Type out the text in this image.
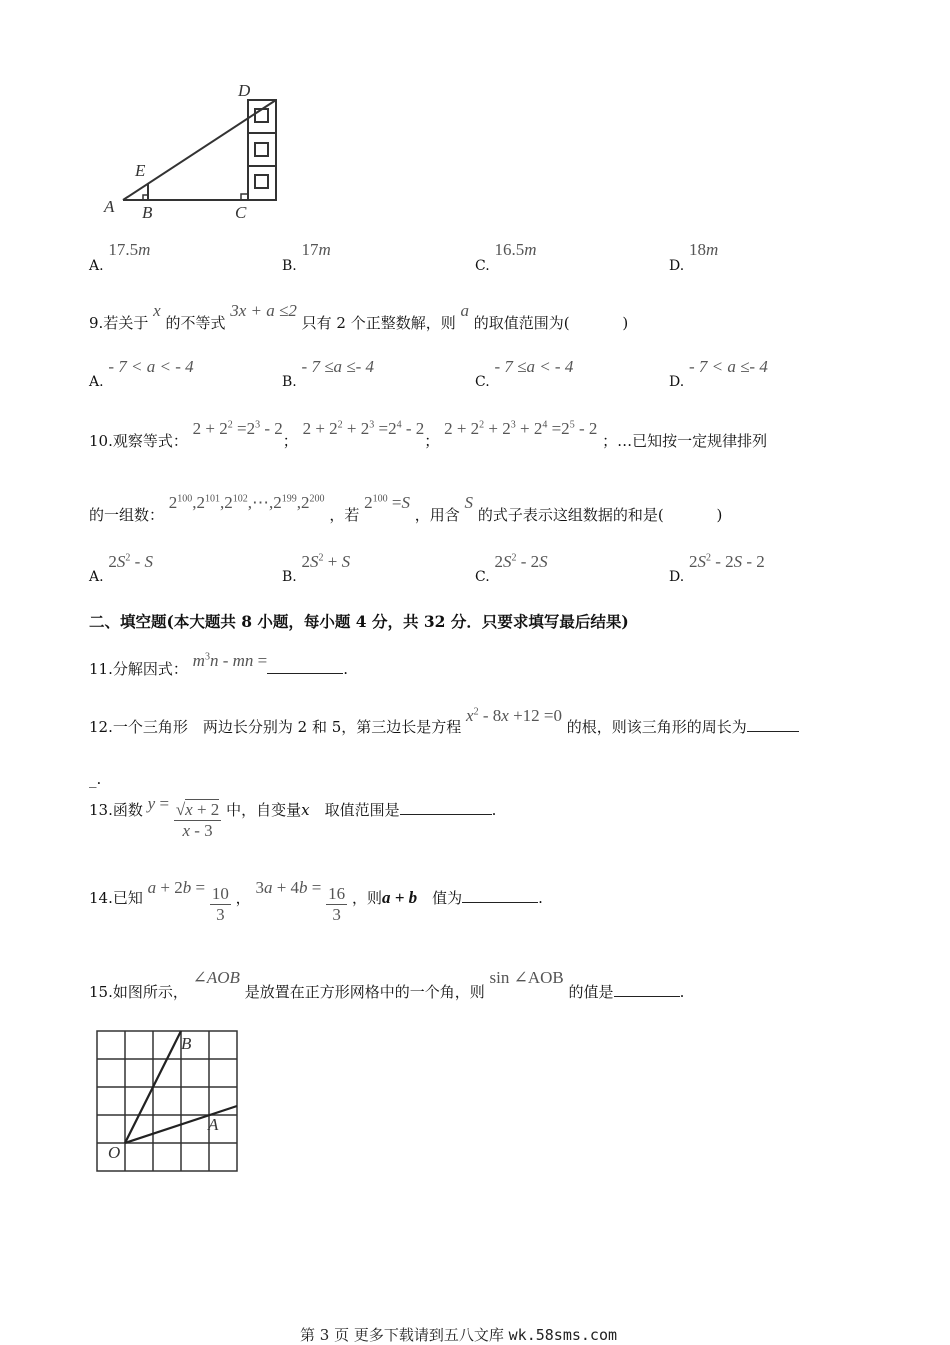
A B	C
D
E
A. 17.5m
B. 17m
C. 16.5m
D. 18m
9.若关于 x 的不等式 3x + a ≤2 只有 2 个正整数解，则 a 的取值范围为(	)
A. - 7 < a < - 4
B. - 7 ≤a ≤- 4
C. - 7 ≤a < - 4
D. - 7 < a ≤- 4
10.观察等式： $2 + 2^2 =2^3 - 2$； $2 + 2^2 + 2^3 =2^4 - 2$； $2 + 2^2 + 2^3 + 2^4 =2^5 - 2$ ；…已知按一定规律排列
的一组数： $2^{100},2^{101},2^{102},\cdots,2^{199},2^{200}$ ，若 $2^{100} =S$ ，用含 S 的式子表示这组数据的和是(	)
A. $2S^2$ - S
B. $2S^2 + S$
C. $2S^2 - 2S$
D. $2S^2 - 2S - 2$
二、填空题(本大题共 8 小题，每小题 4 分，共 32 分．只要求填写最后结果)
11.分解因式： $m^3n$ - mn =	.
12.一个三角形　两边长分别为 2 和 5，第三边长是方程 $x^2 - 8x +12 =0$ 的根，则该三角形的周长为
_.
13.函数 $y = \frac{√x + 2}{x - 3}$ 中，自变量x　取值范围是	.
14.已知 $a + 2b = \frac{10}{3}$ ， $3a + 4b = \frac{16}{3}$ ，则a + b　值为	.
15.如图所示， ∠AOB 是放置在正方形网格中的一个角，则 sin ∠AOB 的值是	.
O
A
B
第 3 页 更多下载请到五八文库 wk.58sms.com
